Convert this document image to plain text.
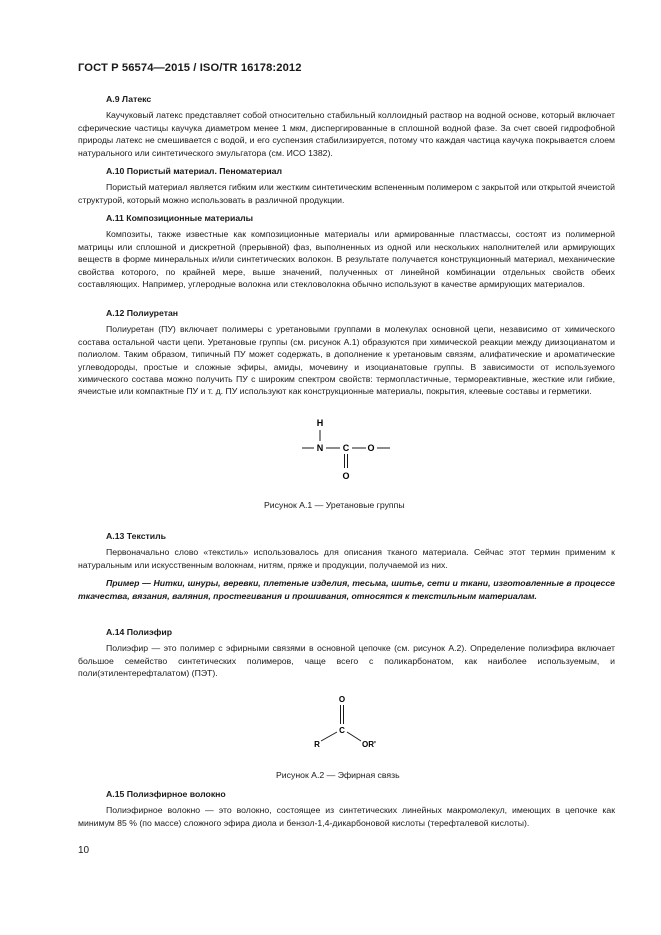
ГОСТ Р 56574—2015 / ISO/TR 16178:2012

А.9 Латекс

Каучуковый латекс представляет собой относительно стабильный коллоидный раствор на водной основе, который включает сферические частицы каучука диаметром менее 1 мкм, диспергированные в сплошной водной фазе. За счет своей гидрофобной природы латекс не смешивается с водой, и его суспензия стабилизируется, потому что каждая частица каучука покрывается слоем натурального или синтетического эмульгатора (см. ИСО 1382).

А.10 Пористый материал. Пеноматериал

Пористый материал является гибким или жестким синтетическим вспененным полимером с закрытой или открытой ячеистой структурой, который можно использовать в различной продукции.

А.11 Композиционные материалы

Композиты, также известные как композиционные материалы или армированные пластмассы, состоят из полимерной матрицы или сплошной и дискретной (прерывной) фаз, выполненных из одной или нескольких наполнителей или армирующих веществ в форме минеральных и/или синтетических волокон. В результате получается конструкционный материал, механические свойства которого, по крайней мере, выше значений, полученных от линейной комбинации отдельных свойств обеих составляющих. Например, углеродные волокна или стекловолокна обычно используют в качестве армирующих материалов.

А.12 Полиуретан

Полиуретан (ПУ) включает полимеры с уретановыми группами в молекулах основной цепи, независимо от химического состава остальной части цепи. Уретановые группы (см. рисунок А.1) образуются при химической реакции между диизоцианатом и полиолом. Таким образом, типичный ПУ может содержать, в дополнение к уретановым связям, алифатические и ароматические углеводороды, простые и сложные эфиры, амиды, мочевину и изоцианатовые группы. В зависимости от используемого химического состава можно получить ПУ с широким спектром свойств: термопластичные, термореактивные, жесткие или гибкие, ячеистые или компактные ПУ и т. д. ПУ используют как конструкционные материалы, покрытия, клеевые составы и герметики.

H
N C O
O
Рисунок А.1 — Уретановые группы

А.13 Текстиль

Первоначально слово «текстиль» использовалось для описания тканого материала. Сейчас этот термин применим к натуральным или искусственным волокнам, нитям, пряже и продукции, получаемой из них.

Пример — Нитки, шнуры, веревки, плетеные изделия, тесьма, шитье, сети и ткани, изготовленные в процессе ткачества, вязания, валяния, простегивания и прошивания, относятся к текстильным материалам.

А.14 Полиэфир

Полиэфир — это полимер с эфирными связями в основной цепочке (см. рисунок А.2). Определение полиэфира включает большое семейство синтетических полимеров, чаще всего с поликарбонатом, как наиболее используемым, и поли(этилентерефталатом) (ПЭТ).

O
C
R	OR'
Рисунок А.2 — Эфирная связь

А.15 Полиэфирное волокно

Полиэфирное волокно — это волокно, состоящее из синтетических линейных макромолекул, имеющих в цепочке как минимум 85 % (по массе) сложного эфира диола и бензол-1,4-дикарбоновой кислоты (терефталевой кислоты).

10
